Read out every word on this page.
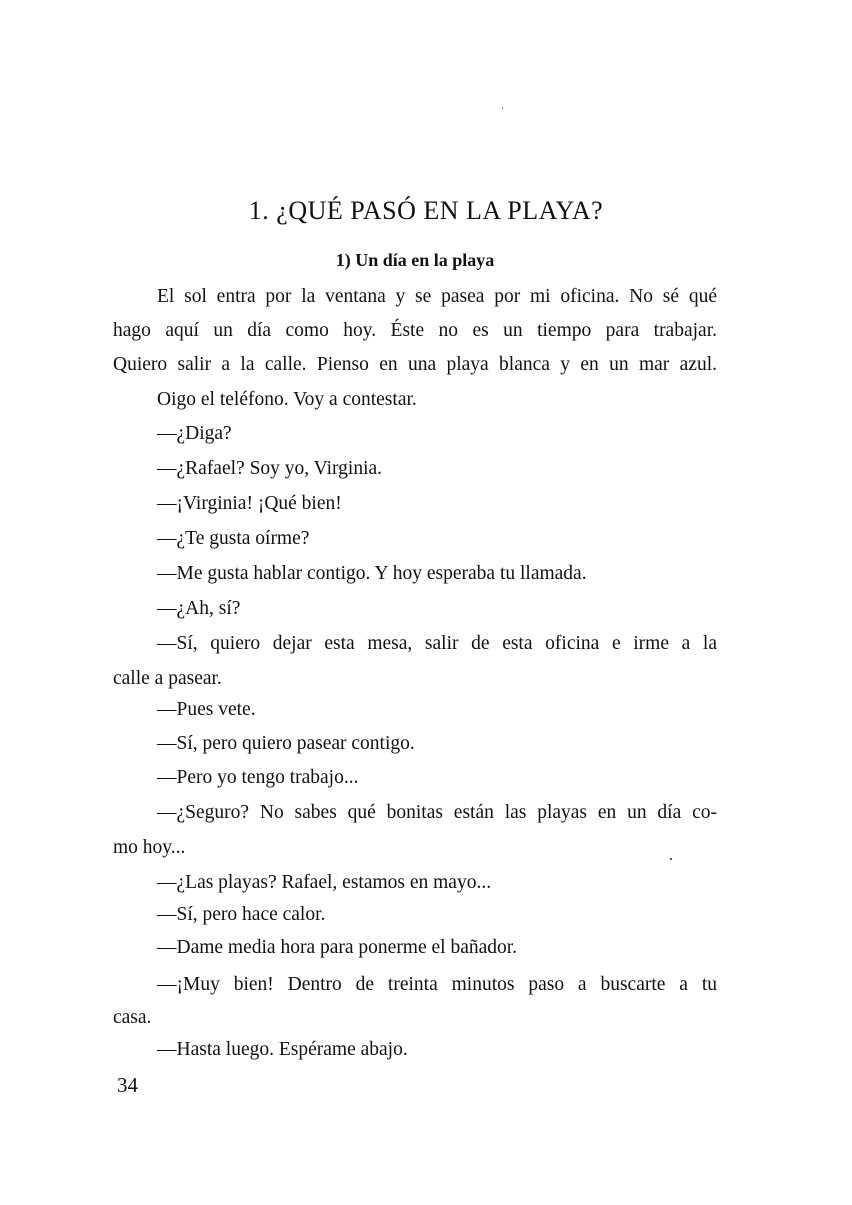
1. ¿QUÉ PASÓ EN LA PLAYA?
1) Un día en la playa
El sol entra por la ventana y se pasea por mi oficina. No sé qué
hago aquí un día como hoy. Éste no es un tiempo para trabajar.
Quiero salir a la calle. Pienso en una playa blanca y en un mar azul.
Oigo el teléfono. Voy a contestar.
—¿Diga?
—¿Rafael? Soy yo, Virginia.
—¡Virginia! ¡Qué bien!
—¿Te gusta oírme?
—Me gusta hablar contigo. Y hoy esperaba tu llamada.
—¿Ah, sí?
—Sí, quiero dejar esta mesa, salir de esta oficina e irme a la
calle a pasear.
—Pues vete.
—Sí, pero quiero pasear contigo.
—Pero yo tengo trabajo...
—¿Seguro? No sabes qué bonitas están las playas en un día co-
mo hoy...
—¿Las playas? Rafael, estamos en mayo...
—Sí, pero hace calor.
—Dame media hora para ponerme el bañador.
—¡Muy bien! Dentro de treinta minutos paso a buscarte a tu
casa.
—Hasta luego. Espérame abajo.
34
